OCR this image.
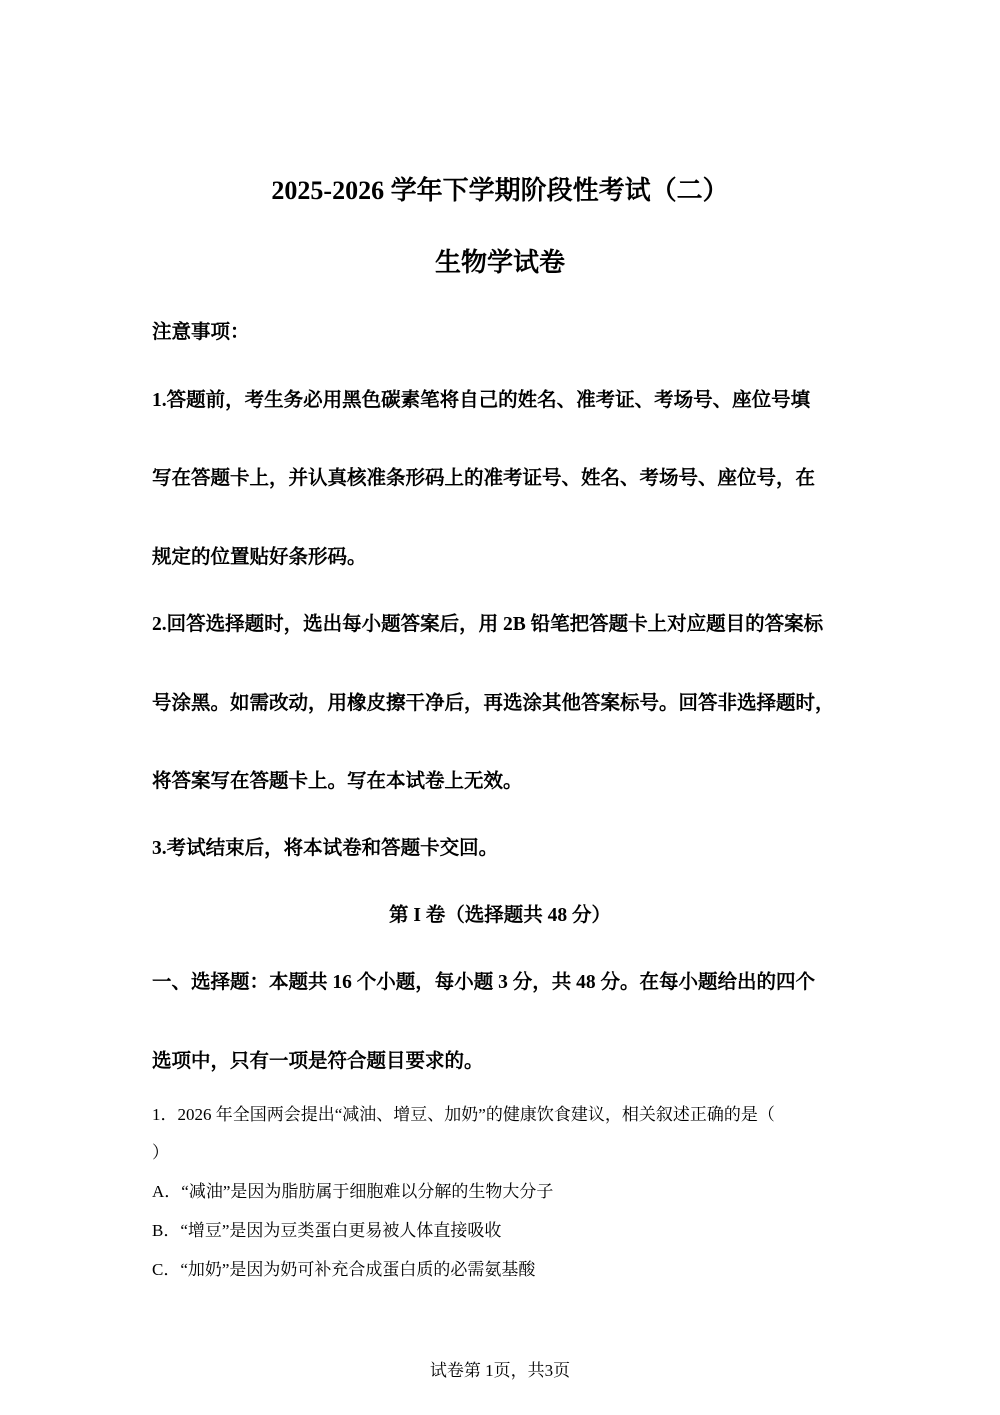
2025-2026 学年下学期阶段性考试（二）
生物学试卷
注意事项：
1.答题前，考生务必用黑色碳素笔将自己的姓名、准考证、考场号、座位号填
写在答题卡上，并认真核准条形码上的准考证号、姓名、考场号、座位号，在
规定的位置贴好条形码。
2.回答选择题时，选出每小题答案后，用 2B 铅笔把答题卡上对应题目的答案标
号涂黑。如需改动，用橡皮擦干净后，再选涂其他答案标号。回答非选择题时，
将答案写在答题卡上。写在本试卷上无效。
3.考试结束后，将本试卷和答题卡交回。
第 I 卷（选择题共 48 分）
一、选择题：本题共 16 个小题，每小题 3 分，共 48 分。在每小题给出的四个
选项中，只有一项是符合题目要求的。
1．2026 年全国两会提出“减油、增豆、加奶”的健康饮食建议，相关叙述正确的是（
）
A．“减油”是因为脂肪属于细胞难以分解的生物大分子
B．“增豆”是因为豆类蛋白更易被人体直接吸收
C．“加奶”是因为奶可补充合成蛋白质的必需氨基酸
试卷第 1页，共3页
